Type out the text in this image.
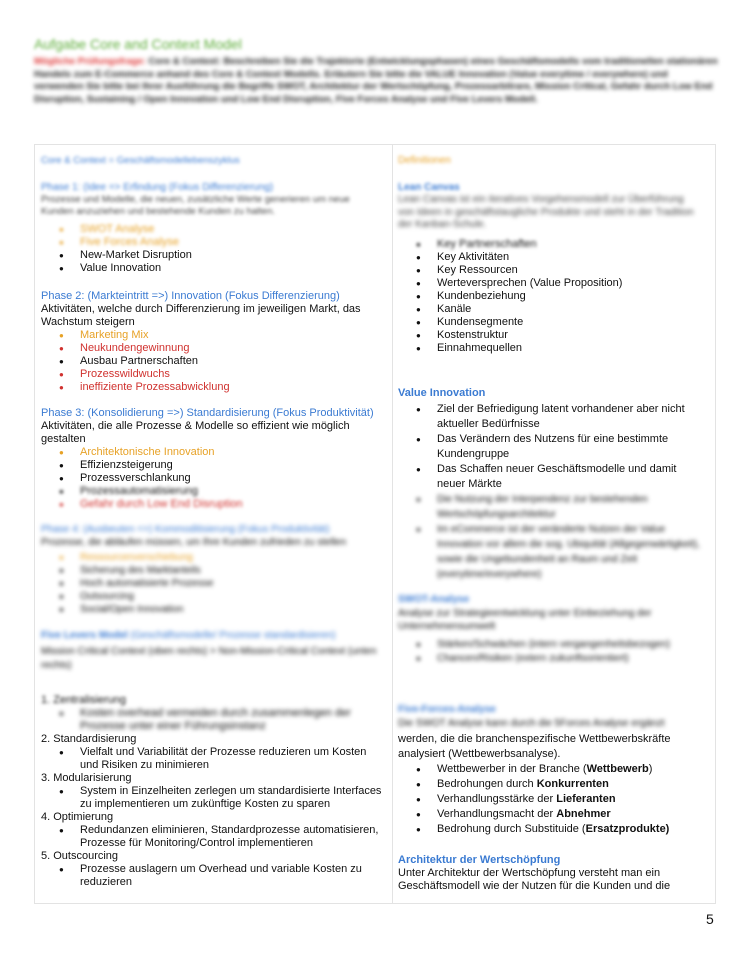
Aufgabe Core and Context Model
Mögliche Prüfungsfrage: Core & Context: Beschreiben Sie die Trajektorie (Entwicklungsphasen) eines Geschäftsmodells vom traditionellen stationären Handels zum E-Commerce anhand des Core & Context Modells. Erläutern Sie bitte die VALUE Innovation (Value everytime / everywhere) und verwenden Sie bitte bei Ihrer Ausführung die Begriffe SWOT, Architektur der Wertschöpfung, Prozessarbitrare, Mission Critical, Gefahr durch Low End Disruption, Sustaining / Open Innovation und Low End Disruption, Five Forces Analyse und Five Levers Modell.
Core & Context = Geschäftsmodellebenszyklus
Phase 1: (Idee => Erfindung (Fokus Differenzierung)
Prozesse und Modelle, die neuen, zusätzliche Werte generieren um neue Kunden anzuziehen und bestehende Kunden zu halten.
● SWOT Analyse
● Five Forces Analyse
● New-Market Disruption
● Value Innovation
Phase 2: (Markteintritt =>) Innovation (Fokus Differenzierung)
Aktivitäten, welche durch Differenzierung im jeweiligen Markt, das Wachstum steigern
● Marketing Mix
● Neukundengewinnung
● Ausbau Partnerschaften
● Prozesswildwuchs
● ineffiziente Prozessabwicklung
Phase 3: (Konsolidierung =>) Standardisierung (Fokus Produktivität)
Aktivitäten, die alle Prozesse & Modelle so effizient wie möglich gestalten
● Architektonische Innovation
● Effizienzsteigerung
● Prozessverschlankung
● Prozessautomatisierung
● Gefahr durch Low End Disruption
Phase 4: (Ausbeuten =>) Kommoditisierung (Fokus Produktivität)
Prozesse, die abläufen müssen, um Ihre Kunden zufrieden zu stellen
● Ressourcenverschiebung
● Sicherung des Marktanteils
● Hoch automatisierte Prozesse
● Outsourcing
● Social/Open Innovation
Five Levers Model (Geschäftsmodelle/ Prozesse standardisieren)
Mission Critical Context (oben rechts) > Non-Mission-Critical Context (unten rechts)
1. Zentralisierung
● Kosten overhead vermeiden durch zusammenlegen der Prozesse unter einer Führungsinstanz
2. Standardisierung
● Vielfalt und Variabilität der Prozesse reduzieren um Kosten und Risiken zu minimieren
3. Modularisierung
● System in Einzelheiten zerlegen um standardisierte Interfaces zu implementieren um zukünftige Kosten zu sparen
4. Optimierung
● Redundanzen eliminieren, Standardprozesse automatisieren, Prozesse für Monitoring/Control implementieren
5. Outscourcing
● Prozesse auslagern um Overhead und variable Kosten zu reduzieren
Definitionen
Lean Canvas
Lean Canvas ist ein iteratives Vorgehensmodell zur Überführung von Ideen in geschäftstaugliche Produkte und steht in der Tradition der Kanban-Schule.
● Key Partnerschaften
● Key Aktivitäten
● Key Ressourcen
● Werteversprechen (Value Proposition)
● Kundenbeziehung
● Kanäle
● Kundensegmente
● Kostenstruktur
● Einnahmequellen
Value Innovation
● Ziel der Befriedigung latent vorhandener aber nicht aktueller Bedürfnisse
● Das Verändern des Nutzens für eine bestimmte Kundengruppe
● Das Schaffen neuer Geschäftsmodelle und damit neuer Märkte
● Die Nutzung der Interpendenz zur bestehenden Wertschöpfungsarchitektur
● Im eCommerce ist der veränderte Nutzen der Value Innovation vor allem die sog. Ubiquität (Allgegenwärtigkeit), sowie die Ungebundenheit an Raum und Zeit (everytime/everywhere)
SWOT-Analyse
Analyse zur Strategieentwicklung unter Einbeziehung der Unternehmensumwelt
● Stärken/Schwächen (intern vergangenheitsbezogen)
● Chancen/Risiken (extern zukunftsorientiert)
Five-Forces-Analyse
Die SWOT Analyse kann durch die 5Forces Analyse ergänzt
werden, die die branchenspezifische Wettbewerbskräfte analysiert (Wettbewerbsanalyse).
● Wettbewerber in der Branche (Wettbewerb)
● Bedrohungen durch Konkurrenten
● Verhandlungsstärke der Lieferanten
● Verhandlungsmacht der Abnehmer
● Bedrohung durch Substituide (Ersatzprodukte)
Architektur der Wertschöpfung
Unter Architektur der Wertschöpfung versteht man ein Geschäftsmodell wie der Nutzen für die Kunden und die
5
